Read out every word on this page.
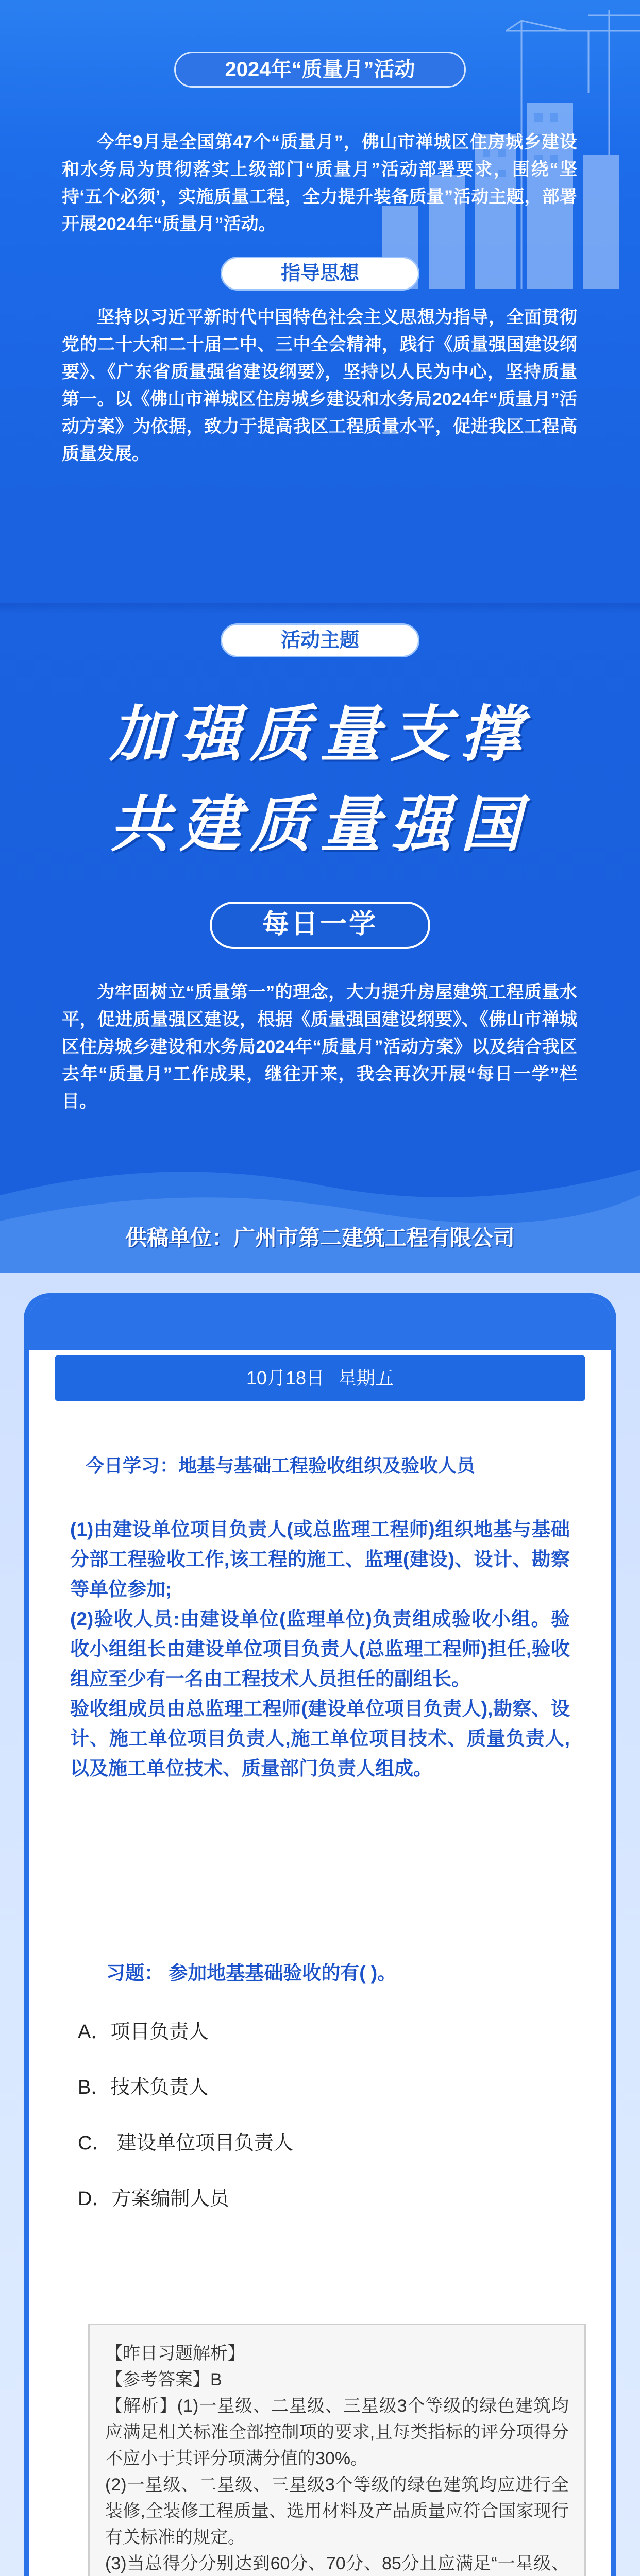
2024年“质量月”活动
今年9月是全国第47个“质量月”，佛山市禅城区住房城乡建设和水务局为贯彻落实上级部门“质量月”活动部署要求，围绕“坚持‘五个必须’，实施质量工程，全力提升装备质量”活动主题，部署开展2024年“质量月”活动。
指导思想
坚持以习近平新时代中国特色社会主义思想为指导，全面贯彻党的二十大和二十届二中、三中全会精神，践行《质量强国建设纲要》、《广东省质量强省建设纲要》，坚持以人民为中心，坚持质量第一。以《佛山市禅城区住房城乡建设和水务局2024年“质量月”活动方案》为依据，致力于提高我区工程质量水平，促进我区工程高质量发展。
活动主题
加强质量支撑
共建质量强国
每日一学
为牢固树立“质量第一”的理念，大力提升房屋建筑工程质量水平，促进质量强区建设，根据《质量强国建设纲要》、《佛山市禅城区住房城乡建设和水务局2024年“质量月”活动方案》以及结合我区去年“质量月”工作成果，继往开来，我会再次开展“每日一学”栏目。
供稿单位：广州市第二建筑工程有限公司
10月18日 星期五
今日学习：地基与基础工程验收组织及验收人员
(1)由建设单位项目负责人(或总监理工程师)组织地基与基础分部工程验收工作,该工程的施工、监理(建设)、设计、勘察等单位参加;
(2)验收人员:由建设单位(监理单位)负责组成验收小组。验收小组组长由建设单位项目负责人(总监理工程师)担任,验收组应至少有一名由工程技术人员担任的副组长。
验收组成员由总监理工程师(建设单位项目负责人),勘察、设计、施工单位项目负责人,施工单位项目技术、质量负责人,以及施工单位技术、质量部门负责人组成。
习题： 参加地基基础验收的有( )。
A．项目负责人
B．技术负责人
C． 建设单位项目负责人
D．方案编制人员
【昨日习题解析】
【参考答案】B
【解析】(1)一星级、二星级、三星级3个等级的绿色建筑均应满足相关标准全部控制项的要求,且每类指标的评分项得分不应小于其评分项满分值的30%。
(2)一星级、二星级、三星级3个等级的绿色建筑均应进行全装修,全装修工程质量、选用材料及产品质量应符合国家现行有关标准的规定。
(3)当总得分分别达到60分、70分、85分且应满足“一星级、
